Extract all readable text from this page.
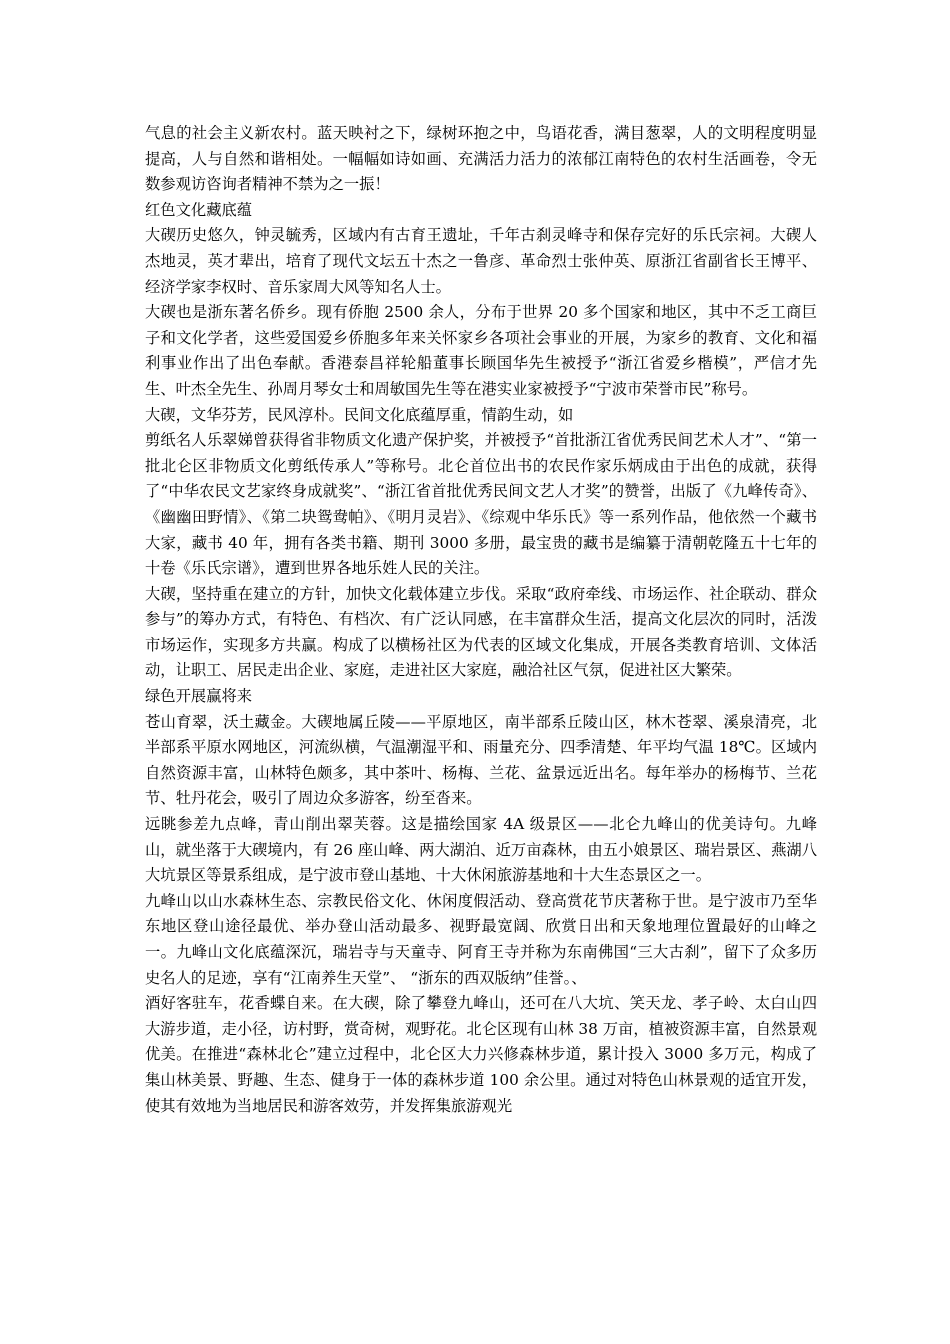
气息的社会主义新农村。蓝天映衬之下，绿树环抱之中，鸟语花香，满目葱翠，人的文明程度明显提高，人与自然和谐相处。一幅幅如诗如画、充满活力活力的浓郁江南特色的农村生活画卷，令无数参观访咨询者精神不禁为之一振！

红色文化藏底蕴

大碶历史悠久，钟灵毓秀，区域内有古育王遗址，千年古刹灵峰寺和保存完好的乐氏宗祠。大碶人杰地灵，英才辈出，培育了现代文坛五十杰之一鲁彦、革命烈士张仲英、原浙江省副省长王博平、经济学家李权时、音乐家周大风等知名人士。

大碶也是浙东著名侨乡。现有侨胞 2500 余人，分布于世界 20 多个国家和地区，其中不乏工商巨子和文化学者，这些爱国爱乡侨胞多年来关怀家乡各项社会事业的开展，为家乡的教育、文化和福利事业作出了出色奉献。香港泰昌祥轮船董事长顾国华先生被授予“浙江省爱乡楷模”，严信才先生、叶杰全先生、孙周月琴女士和周敏国先生等在港实业家被授予“宁波市荣誉市民”称号。

大碶，文华芬芳，民风淳朴。民间文化底蕴厚重，情韵生动，如
剪纸名人乐翠娣曾获得省非物质文化遗产保护奖，并被授予“首批浙江省优秀民间艺术人才”、“第一批北仑区非物质文化剪纸传承人”等称号。北仑首位出书的农民作家乐炳成由于出色的成就，获得了“中华农民文艺家终身成就奖”、“浙江省首批优秀民间文艺人才奖”的赞誉，出版了《九峰传奇》、《幽幽田野情》、《第二块鸳鸯帕》、《明月灵岩》、《综观中华乐氏》等一系列作品，他依然一个藏书大家，藏书 40 年，拥有各类书籍、期刊 3000 多册，最宝贵的藏书是编纂于清朝乾隆五十七年的十卷《乐氏宗谱》，遭到世界各地乐姓人民的关注。

大碶，坚持重在建立的方针，加快文化载体建立步伐。采取“政府牵线、市场运作、社企联动、群众参与”的筹办方式，有特色、有档次、有广泛认同感，在丰富群众生活，提高文化层次的同时，活泼市场运作，实现多方共赢。构成了以横杨社区为代表的区域文化集成，开展各类教育培训、文体活动，让职工、居民走出企业、家庭，走进社区大家庭，融洽社区气氛，促进社区大繁荣。

绿色开展赢将来

苍山育翠，沃土藏金。大碶地属丘陵——平原地区，南半部系丘陵山区，林木苍翠、溪泉清亮，北半部系平原水网地区，河流纵横，气温潮湿平和、雨量充分、四季清楚、年平均气温 18℃。区域内自然资源丰富，山林特色颇多，其中茶叶、杨梅、兰花、盆景远近出名。每年举办的杨梅节、兰花节、牡丹花会，吸引了周边众多游客，纷至沓来。

远眺参差九点峰，青山削出翠芙蓉。这是描绘国家 4A 级景区——北仑九峰山的优美诗句。九峰山，就坐落于大碶境内，有 26 座山峰、两大湖泊、近万亩森林，由五小娘景区、瑞岩景区、燕湖八大坑景区等景系组成，是宁波市登山基地、十大休闲旅游基地和十大生态景区之一。

九峰山以山水森林生态、宗教民俗文化、休闲度假活动、登高赏花节庆著称于世。是宁波市乃至华东地区登山途径最优、举办登山活动最多、视野最宽阔、欣赏日出和天象地理位置最好的山峰之一。九峰山文化底蕴深沉，瑞岩寺与天童寺、阿育王寺并称为东南佛国“三大古刹”，留下了众多历史名人的足迹，享有“江南养生天堂”、 “浙东的西双版纳”佳誉。、

酒好客驻车，花香蝶自来。在大碶，除了攀登九峰山，还可在八大坑、笑天龙、孝子岭、太白山四大游步道，走小径，访村野，赏奇树，观野花。北仑区现有山林 38 万亩，植被资源丰富，自然景观优美。在推进“森林北仑”建立过程中，北仑区大力兴修森林步道，累计投入 3000 多万元，构成了集山林美景、野趣、生态、健身于一体的森林步道 100 余公里。通过对特色山林景观的适宜开发，使其有效地为当地居民和游客效劳，并发挥集旅游观光
